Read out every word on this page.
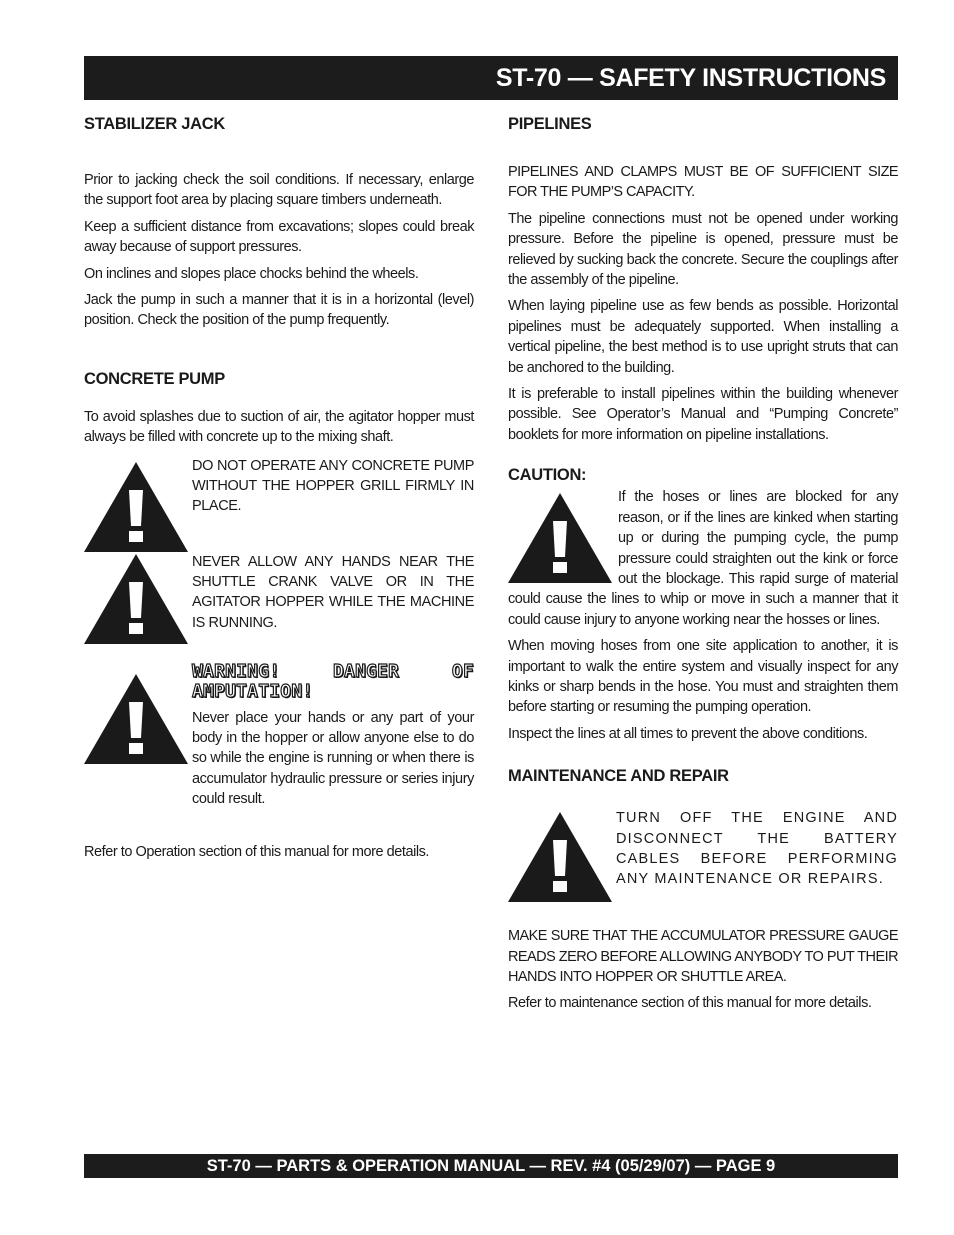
ST-70 — SAFETY INSTRUCTIONS
STABILIZER JACK

Prior to jacking check the soil conditions. If necessary, enlarge the support foot area by placing square timbers underneath.

Keep a sufficient distance from excavations; slopes could break away because of support pressures.

On inclines and slopes place chocks behind the wheels.

Jack the pump in such a manner that it is in a horizontal (level) position. Check the position of the pump frequently.

CONCRETE PUMP

To avoid splashes due to suction of air, the agitator hopper must always be filled with concrete up to the mixing shaft.

DO NOT OPERATE ANY CONCRETE PUMP WITHOUT THE HOPPER GRILL FIRMLY IN PLACE.
NEVER ALLOW ANY HANDS NEAR THE SHUTTLE CRANK VALVE OR IN THE AGITATOR HOPPER WHILE THE MACHINE IS RUNNING.
WARNING! DANGER OF AMPUTATION!
Never place your hands or any part of your body in the hopper or allow anyone else to do so while the engine is running or when there is accumulator hydraulic pressure or series injury could result.

Refer to Operation section of this manual for more details.

PIPELINES

PIPELINES AND CLAMPS MUST BE OF SUFFICIENT SIZE FOR THE PUMP’S CAPACITY.

The pipeline connections must not be opened under working pressure. Before the pipeline is opened, pressure must be relieved by sucking back the concrete. Secure the couplings after the assembly of the pipeline.

When laying pipeline use as few bends as possible. Horizontal pipelines must be adequately supported. When installing a vertical pipeline, the best method is to use upright struts that can be anchored to the building.

It is preferable to install pipelines within the building whenever possible. See Operator’s Manual and “Pumping Concrete” booklets for more information on pipeline installations.

CAUTION:

If the hoses or lines are blocked for any reason, or if the lines are kinked when starting up or during the pumping cycle, the pump pressure could straighten out the kink or force out the blockage. This rapid surge of material could cause the lines to whip or move in such a manner that it could cause injury to anyone working near the hosses or lines.

When moving hoses from one site application to another, it is important to walk the entire system and visually inspect for any kinks or sharp bends in the hose. You must and straighten them before starting or resuming the pumping operation.

Inspect the lines at all times to prevent the above conditions.

MAINTENANCE AND REPAIR
TURN OFF THE ENGINE AND DISCONNECT THE BATTERY CABLES BEFORE PERFORMING ANY MAINTENANCE OR REPAIRS.

MAKE SURE THAT THE ACCUMULATOR PRESSURE GAUGE READS ZERO BEFORE ALLOWING ANYBODY TO PUT THEIR HANDS INTO HOPPER OR SHUTTLE AREA.

Refer to maintenance section of this manual for more details.

ST-70 — PARTS & OPERATION MANUAL — REV. #4 (05/29/07) — PAGE 9
